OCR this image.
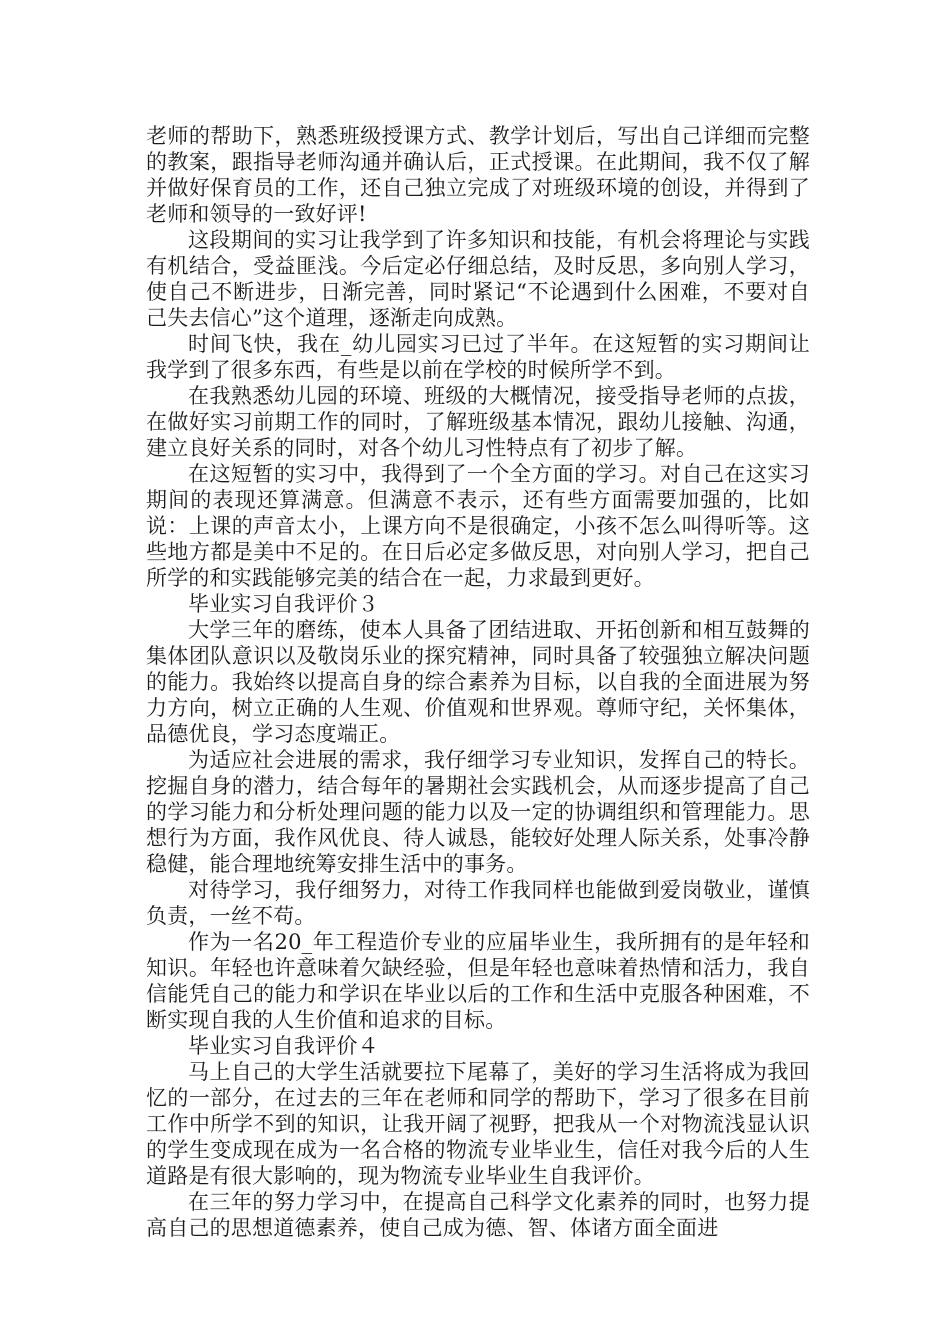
老师的帮助下，熟悉班级授课方式、教学计划后，写出自己详细而完整的教案，跟指导老师沟通并确认后，正式授课。在此期间，我不仅了解并做好保育员的工作，还自己独立完成了对班级环境的创设，并得到了老师和领导的一致好评!

这段期间的实习让我学到了许多知识和技能，有机会将理论与实践有机结合，受益匪浅。今后定必仔细总结，及时反思，多向别人学习，使自己不断进步，日渐完善，同时紧记“不论遇到什么困难，不要对自己失去信心”这个道理，逐渐走向成熟。

时间飞快，我在_幼儿园实习已过了半年。在这短暂的实习期间让我学到了很多东西，有些是以前在学校的时候所学不到。

在我熟悉幼儿园的环境、班级的大概情况，接受指导老师的点拔，在做好实习前期工作的同时，了解班级基本情况，跟幼儿接触、沟通，建立良好关系的同时，对各个幼儿习性特点有了初步了解。

在这短暂的实习中，我得到了一个全方面的学习。对自己在这实习期间的表现还算满意。但满意不表示，还有些方面需要加强的，比如说：上课的声音太小，上课方向不是很确定，小孩不怎么叫得听等。这些地方都是美中不足的。在日后必定多做反思，对向别人学习，把自己所学的和实践能够完美的结合在一起，力求最到更好。

毕业实习自我评价３

大学三年的磨练，使本人具备了团结进取、开拓创新和相互鼓舞的集体团队意识以及敬岗乐业的探究精神，同时具备了较强独立解决问题的能力。我始终以提高自身的综合素养为目标，以自我的全面进展为努力方向，树立正确的人生观、价值观和世界观。尊师守纪，关怀集体，品德优良，学习态度端正。

为适应社会进展的需求，我仔细学习专业知识，发挥自己的特长。挖掘自身的潜力，结合每年的暑期社会实践机会，从而逐步提高了自己的学习能力和分析处理问题的能力以及一定的协调组织和管理能力。思想行为方面，我作风优良、待人诚恳，能较好处理人际关系，处事冷静稳健，能合理地统筹安排生活中的事务。

对待学习，我仔细努力，对待工作我同样也能做到爱岗敬业，谨慎负责，一丝不苟。

作为一名20_年工程造价专业的应届毕业生，我所拥有的是年轻和知识。年轻也许意味着欠缺经验，但是年轻也意味着热情和活力，我自信能凭自己的能力和学识在毕业以后的工作和生活中克服各种困难，不断实现自我的人生价值和追求的目标。

毕业实习自我评价４

马上自己的大学生活就要拉下尾幕了，美好的学习生活将成为我回忆的一部分，在过去的三年在老师和同学的帮助下，学习了很多在目前工作中所学不到的知识，让我开阔了视野，把我从一个对物流浅显认识的学生变成现在成为一名合格的物流专业毕业生，信任对我今后的人生道路是有很大影响的，现为物流专业毕业生自我评价。

在三年的努力学习中，在提高自己科学文化素养的同时，也努力提高自己的思想道德素养，使自己成为德、智、体诸方面全面进
